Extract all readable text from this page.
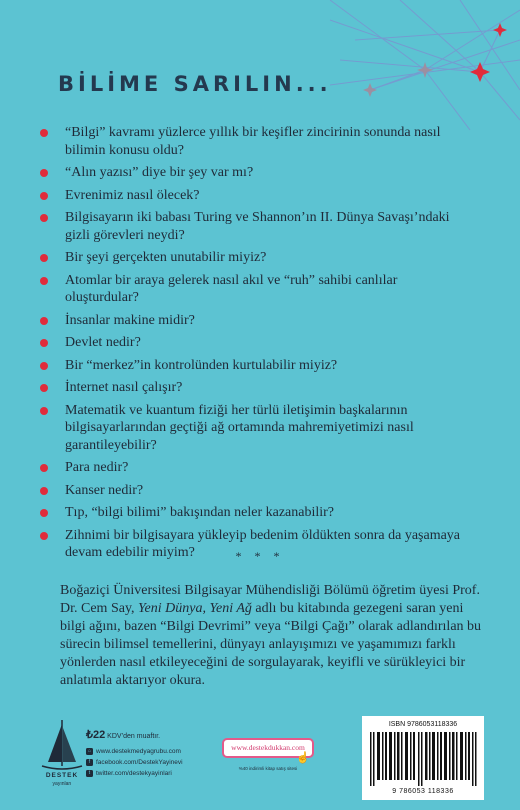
BİLİME SARILIN...
“Bilgi” kavramı yüzlerce yıllık bir keşifler zincirinin sonunda nasıl bilimin konusu oldu?
“Alın yazısı” diye bir şey var mı?
Evrenimiz nasıl ölecek?
Bilgisayarın iki babası Turing ve Shannon’ın II. Dünya Savaşı’ndaki gizli görevleri neydi?
Bir şeyi gerçekten unutabilir miyiz?
Atomlar bir araya gelerek nasıl akıl ve “ruh” sahibi canlılar oluşturdular?
İnsanlar makine midir?
Devlet nedir?
Bir “merkez”in kontrolünden kurtulabilir miyiz?
İnternet nasıl çalışır?
Matematik ve kuantum fiziği her türlü iletişimin başkalarının bilgisayarlarından geçtiği ağ ortamında mahremiyetimizi nasıl garantileyebilir?
Para nedir?
Kanser nedir?
Tıp, “bilgi bilimi” bakışından neler kazanabilir?
Zihnimi bir bilgisayara yükleyip bedenim öldükten sonra da yaşamaya devam edebilir miyim?	* * *

Boğaziçi Üniversitesi Bilgisayar Mühendisliği Bölümü öğretim üyesi Prof. Dr. Cem Say, Yeni Dünya, Yeni Ağ adlı bu kitabında gezegeni saran yeni bilgi ağını, bazen “Bilgi Devrimi” veya “Bilgi Çağı” olarak adlandırılan bu sürecin bilimsel temellerini, dünyayı anlayışımızı ve yaşamımızı farklı yönlerden nasıl etkileyeceğini de sorgulayarak, keyifli ve sürükleyici bir anlatımla aktarıyor okura.

DESTEK
yayınları
₺22 KDV’den muaftır.
⌂ www.destekmedyagrubu.com
f facebook.com/DestekYayinevi
t twitter.com/destekyayinlari
www.destekdukkan.com
☝
%40 indirimli kitap satış sitesi
ISBN 9786053118336
9 786053 118336
